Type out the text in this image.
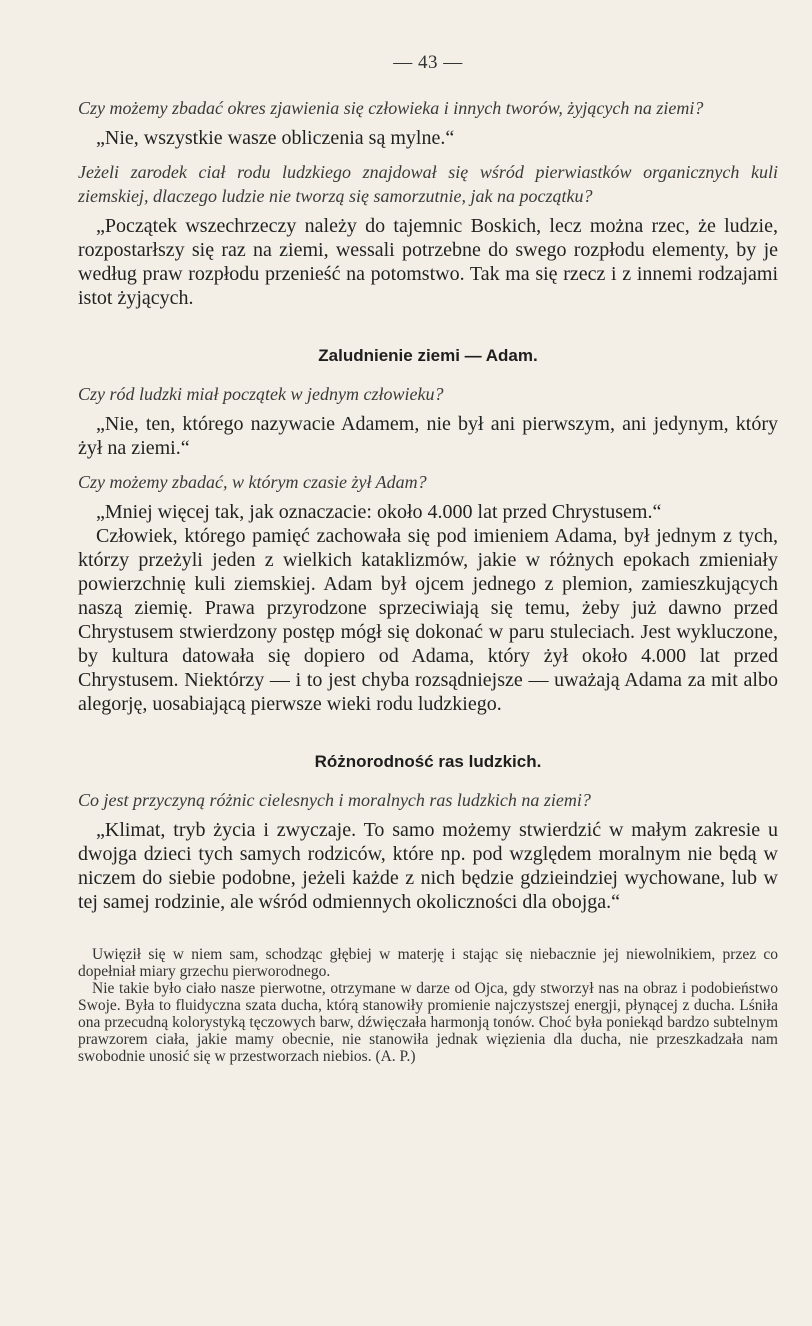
— 43 —

Czy możemy zbadać okres zjawienia się człowieka i innych tworów, żyjących na ziemi?

„Nie, wszystkie wasze obliczenia są mylne.“

Jeżeli zarodek ciał rodu ludzkiego znajdował się wśród pierwiastków organicznych kuli ziemskiej, dlaczego ludzie nie tworzą się samorzutnie, jak na początku?

„Początek wszechrzeczy należy do tajemnic Boskich, lecz można rzec, że ludzie, rozpostarłszy się raz na ziemi, wessali potrzebne do swego rozpłodu elementy, by je według praw rozpłodu przenieść na potomstwo. Tak ma się rzecz i z innemi rodzajami istot żyjących.

Zaludnienie ziemi — Adam.

Czy ród ludzki miał początek w jednym człowieku?

„Nie, ten, którego nazywacie Adamem, nie był ani pierwszym, ani jedynym, który żył na ziemi.“

Czy możemy zbadać, w którym czasie żył Adam?

„Mniej więcej tak, jak oznaczacie: około 4.000 lat przed Chrystusem.“

Człowiek, którego pamięć zachowała się pod imieniem Adama, był jednym z tych, którzy przeżyli jeden z wielkich kataklizmów, jakie w różnych epokach zmieniały powierzchnię kuli ziemskiej. Adam był ojcem jednego z plemion, zamieszkujących naszą ziemię. Prawa przyrodzone sprzeciwiają się temu, żeby już dawno przed Chrystusem stwierdzony postęp mógł się dokonać w paru stuleciach. Jest wykluczone, by kultura datowała się dopiero od Adama, który żył około 4.000 lat przed Chrystusem. Niektórzy — i to jest chyba rozsądniejsze — uważają Adama za mit albo alegorję, uosabiającą pierwsze wieki rodu ludzkiego.

Różnorodność ras ludzkich.

Co jest przyczyną różnic cielesnych i moralnych ras ludzkich na ziemi?

„Klimat, tryb życia i zwyczaje. To samo możemy stwierdzić w małym zakresie u dwojga dzieci tych samych rodziców, które np. pod względem moralnym nie będą w niczem do siebie podobne, jeżeli każde z nich będzie gdzieindziej wychowane, lub w tej samej rodzinie, ale wśród odmiennych okoliczności dla obojga.“

Uwięził się w niem sam, schodząc głębiej w materję i stając się niebacznie jej niewolnikiem, przez co dopełniał miary grzechu pierworodnego.

Nie takie było ciało nasze pierwotne, otrzymane w darze od Ojca, gdy stworzył nas na obraz i podobieństwo Swoje. Była to fluidyczna szata ducha, którą stanowiły promienie najczystszej energji, płynącej z ducha. Lśniła ona przecudną kolorystyką tęczowych barw, dźwięczała harmonją tonów. Choć była poniekąd bardzo subtelnym prawzorem ciała, jakie mamy obecnie, nie stanowiła jednak więzienia dla ducha, nie przeszkadzała nam swobodnie unosić się w przestworzach niebios. (A. P.)
